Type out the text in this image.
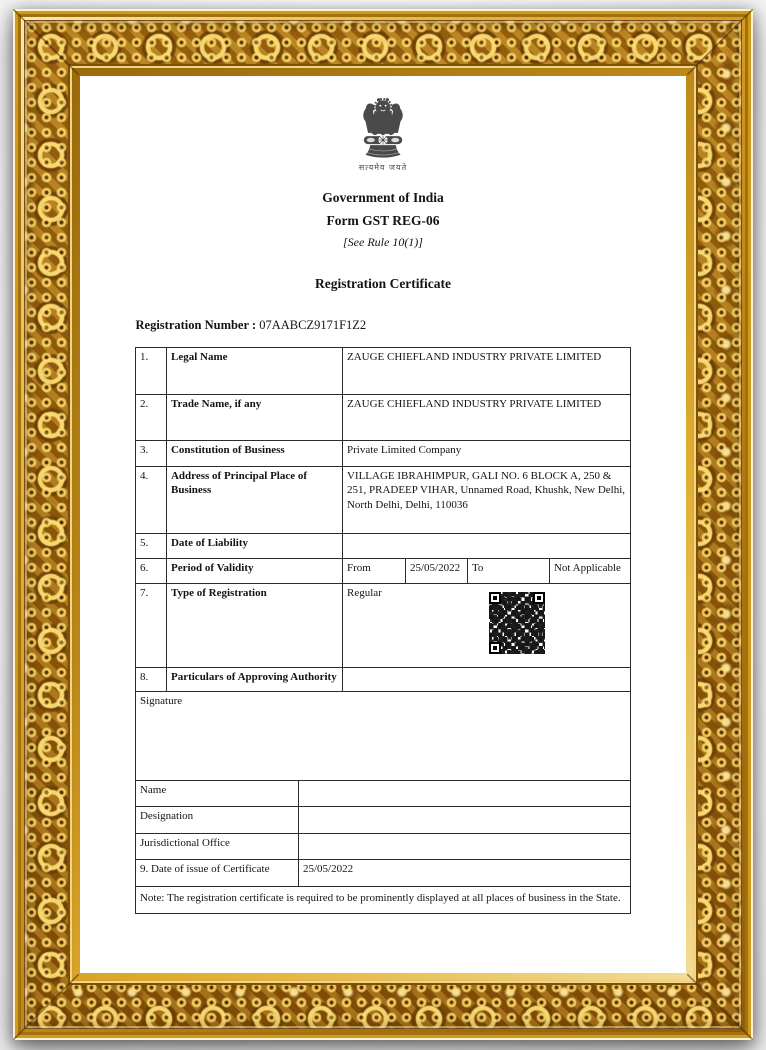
सत्यमेव जयते
Government of India
Form GST REG-06
[See Rule 10(1)]
Registration Certificate
Registration Number : 07AABCZ9171F1Z2
1.	Legal Name	ZAUGE CHIEFLAND INDUSTRY PRIVATE LIMITED			
2.	Trade Name, if any	ZAUGE CHIEFLAND INDUSTRY PRIVATE LIMITED			
3.	Constitution of Business	Private Limited Company			
4.	Address of Principal Place of Business	VILLAGE IBRAHIMPUR, GALI NO. 6 BLOCK A, 250 & 251, PRADEEP VIHAR, Unnamed Road, Khushk, New Delhi, North Delhi, Delhi, 110036			
5.	Date of Liability				
6.	Period of Validity	From	25/05/2022	To	Not Applicable
7.	Type of Registration	Regular			

8.	Particulars of Approving Authority				
Signature	
Name	
Designation	
Jurisdictional Office	
9. Date of issue of Certificate	25/05/2022
Note: The registration certificate is required to be prominently displayed at all places of business in the State.	
